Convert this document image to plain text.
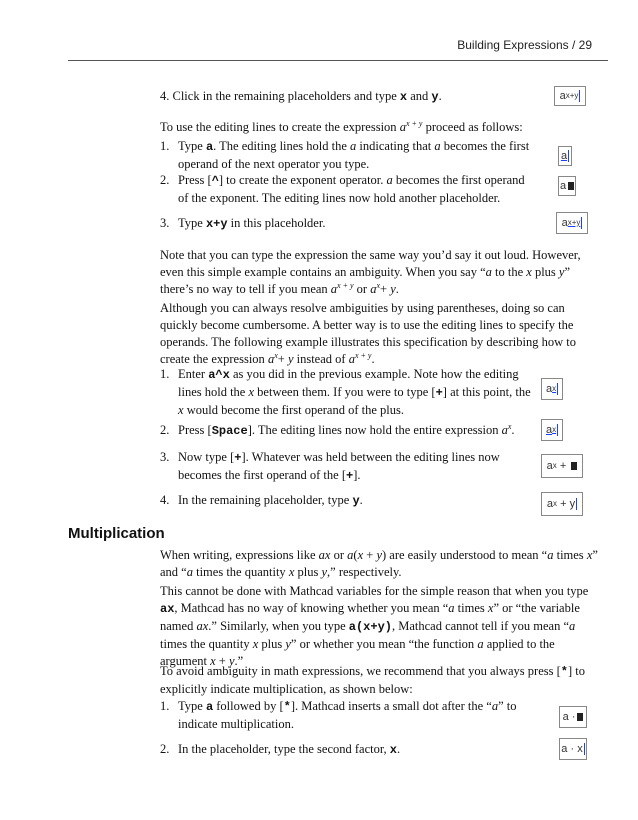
Building Expressions / 29
4. Click in the remaining placeholders and type x and y.	a x+y
To use the editing lines to create the expression $a^{x + y}$ proceed as follows:
1. Type a. The editing lines hold the a indicating that a becomes the first operand of the next operator you type.
a
2. Press [^] to create the exponent operator. a becomes the first operand of the exponent. The editing lines now hold another placeholder.
a
3. Type x+y in this placeholder.	a x+y
Note that you can type the expression the same way you’d say it out loud. However, even this simple example contains an ambiguity. When you say “a to the x plus y” there’s no way to tell if you mean $a^{x + y}$ or $a^x+ y$.
Although you can always resolve ambiguities by using parentheses, doing so can quickly become cumbersome. A better way is to use the editing lines to specify the operands. The following example illustrates this specification by describing how to create the expression $a^x+ y$ instead of $a^{x + y}$.
1. Enter a^x as you did in the previous example. Note how the editing lines hold the x between them. If you were to type [+] at this point, the x would become the first operand of the plus.
a x
2. Press [Space]. The editing lines now hold the entire expression $a^x$.	a x
3. Now type [+]. Whatever was held between the editing lines now becomes the first operand of the [+].
a x +
4. In the remaining placeholder, type y.	a x + y
Multiplication
When writing, expressions like ax or a(x + y) are easily understood to mean “a times x” and “a times the quantity x plus y,” respectively.
This cannot be done with Mathcad variables for the simple reason that when you type ax, Mathcad has no way of knowing whether you mean “a times x” or “the variable named ax.” Similarly, when you type a(x+y), Mathcad cannot tell if you mean “a times the quantity x plus y” or whether you mean “the function a applied to the argument x + y.”
To avoid ambiguity in math expressions, we recommend that you always press [*] to explicitly indicate multiplication, as shown below:
1. Type a followed by [*]. Mathcad inserts a small dot after the “a” to indicate multiplication.	a ·
2. In the placeholder, type the second factor, x.	a · x
